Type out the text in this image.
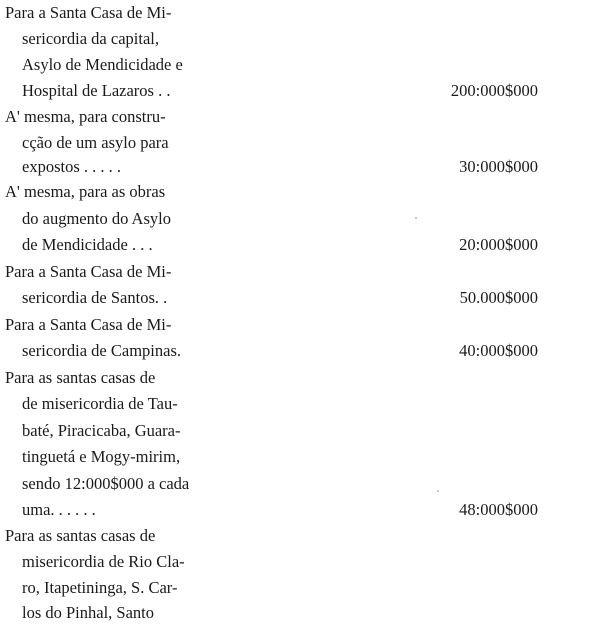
Para a Santa Casa de Mi-
sericordia da capital,
Asylo de Mendicidade e
Hospital de Lazaros . .	200:000$000
A' mesma, para constru-
cção de um asylo para
expostos . . . . .	30:000$000
A' mesma, para as obras
do augmento do Asylo
de Mendicidade . . .	20:000$000
Para a Santa Casa de Mi-
sericordia de Santos. .	50.000$000
Para a Santa Casa de Mi-
sericordia de Campinas.	40:000$000
Para as santas casas de
de misericordia de Tau-
baté, Piracicaba, Guara-
tinguetá e Mogy-mirim,
sendo 12:000$000 a cada
uma. . . . . .	48:000$000
Para as santas casas de
misericordia de Rio Cla-
ro, Itapetininga, S. Car-
los do Pinhal, Santo
